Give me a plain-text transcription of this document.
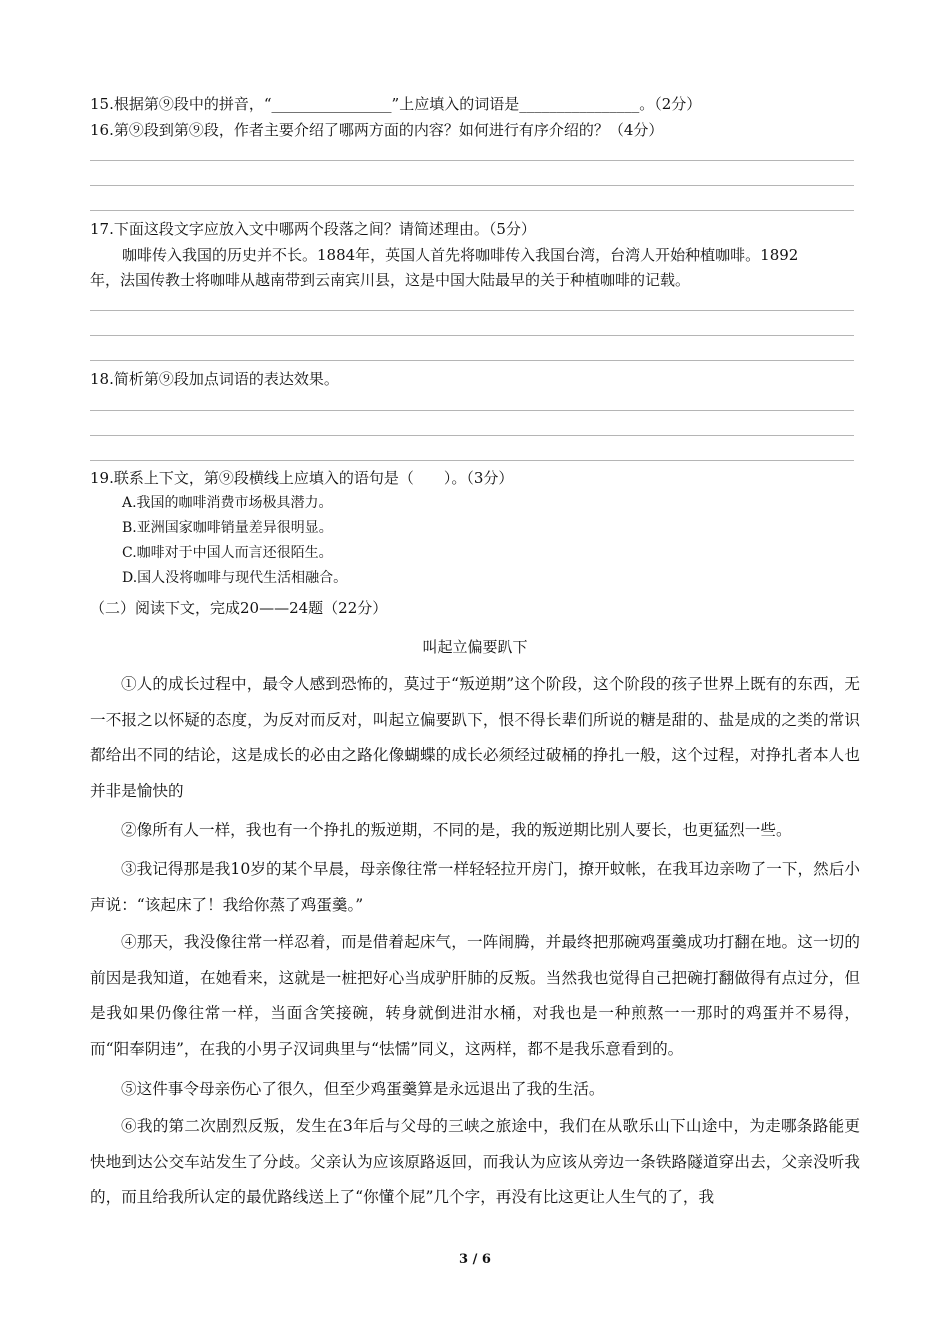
15.根据第⑨段中的拼音，“________________”上应填入的词语是________________。（2分）
16.第⑨段到第⑨段，作者主要介绍了哪两方面的内容？如何进行有序介绍的？（4分）
17.下面这段文字应放入文中哪两个段落之间？请简述理由。（5分）
咖啡传入我国的历史并不长。1884年，英国人首先将咖啡传入我国台湾，台湾人开始种植咖啡。1892
年，法国传教士将咖啡从越南带到云南宾川县，这是中国大陆最早的关于种植咖啡的记载。
18.简析第⑨段加点词语的表达效果。
19.联系上下文，第⑨段横线上应填入的语句是（　　）。（3分）
A.我国的咖啡消费市场极具潜力。
B.亚洲国家咖啡销量差异很明显。
C.咖啡对于中国人而言还很陌生。
D.国人没将咖啡与现代生活相融合。
（二）阅读下文，完成20——24题（22分）
叫起立偏要趴下
①人的成长过程中，最令人感到恐怖的，莫过于“叛逆期”这个阶段，这个阶段的孩子世界上既有的东西，无一不报之以怀疑的态度，为反对而反对，叫起立偏要趴下，恨不得长辈们所说的糖是甜的、盐是成的之类的常识都给出不同的结论，这是成长的必由之路化像蝴蝶的成长必须经过破桶的挣扎一般，这个过程，对挣扎者本人也并非是愉快的
②像所有人一样，我也有一个挣扎的叛逆期，不同的是，我的叛逆期比别人要长，也更猛烈一些。
③我记得那是我10岁的某个早晨，母亲像往常一样轻轻拉开房门，撩开蚊帐，在我耳边亲吻了一下，然后小声说：“该起床了！我给你蒸了鸡蛋羹。”
④那天，我没像往常一样忍着，而是借着起床气，一阵闹腾，并最终把那碗鸡蛋羹成功打翻在地。这一切的前因是我知道，在她看来，这就是一桩把好心当成驴肝肺的反叛。当然我也觉得自己把碗打翻做得有点过分，但是我如果仍像往常一样，当面含笑接碗，转身就倒进泔水桶，对我也是一种煎熬一一那时的鸡蛋并不易得，而“阳奉阴违”，在我的小男子汉词典里与“怯懦”同义，这两样，都不是我乐意看到的。
⑤这件事令母亲伤心了很久，但至少鸡蛋羹算是永远退出了我的生活。
⑥我的第二次剧烈反叛，发生在3年后与父母的三峡之旅途中，我们在从歌乐山下山途中，为走哪条路能更快地到达公交车站发生了分歧。父亲认为应该原路返回，而我认为应该从旁边一条铁路隧道穿出去，父亲没听我的，而且给我所认定的最优路线送上了“你懂个屁”几个字，再没有比这更让人生气的了，我
3 / 6
